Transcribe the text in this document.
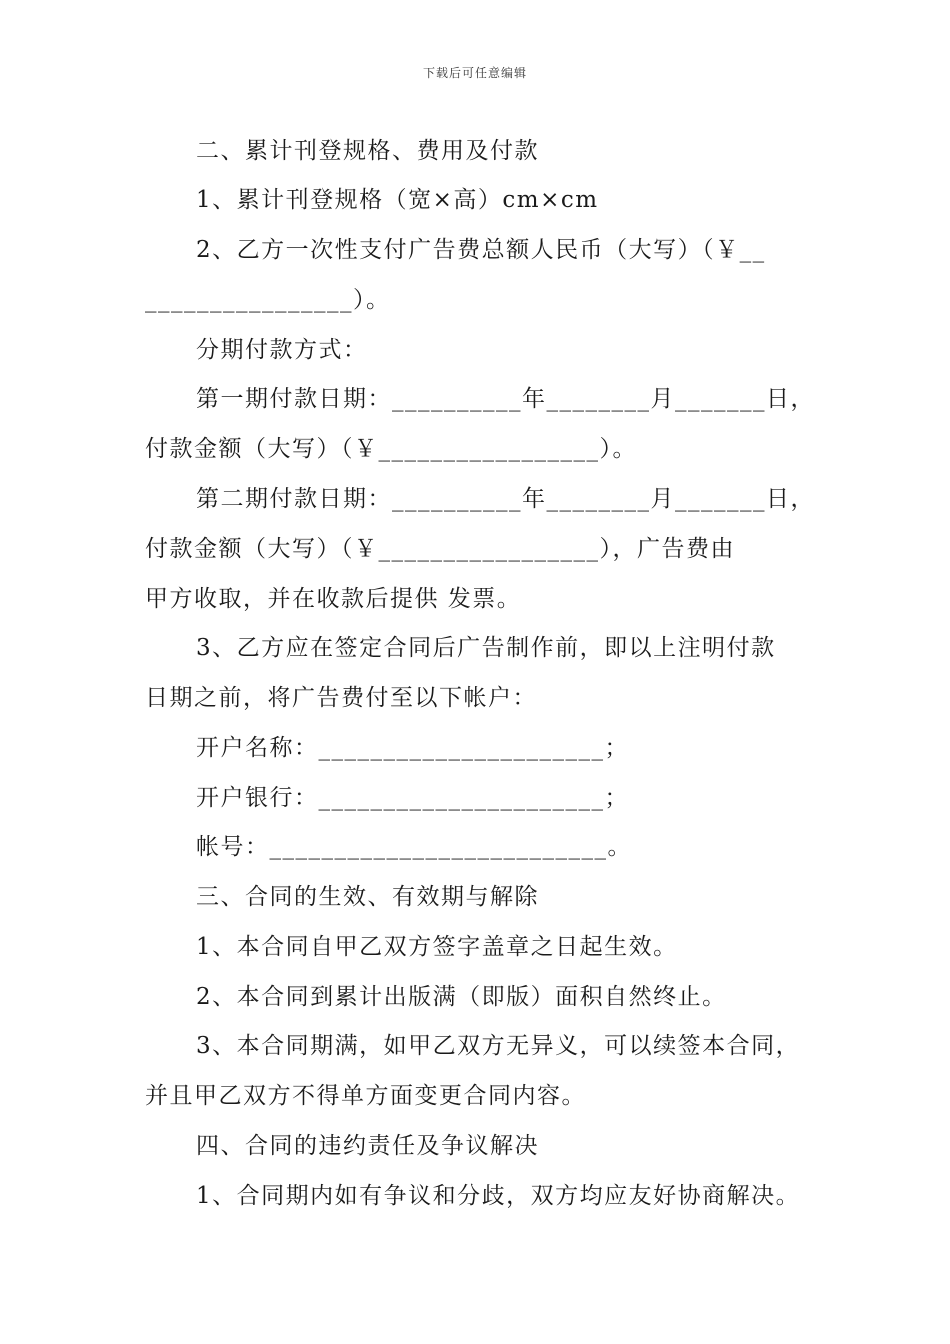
下载后可任意编辑
二、累计刊登规格、费用及付款
1、累计刊登规格（宽×高）cm×cm
2、乙方一次性支付广告费总额人民币（大写）（￥__
________________）。
分期付款方式：
第一期付款日期：__________年________月_______日，
付款金额（大写）（￥_________________）。
第二期付款日期：__________年________月_______日，
付款金额（大写）（￥_________________），广告费由
甲方收取，并在收款后提供 发票。
3、乙方应在签定合同后广告制作前，即以上注明付款
日期之前，将广告费付至以下帐户：
开户名称：______________________；
开户银行：______________________；
帐号：__________________________。
三、合同的生效、有效期与解除
1、本合同自甲乙双方签字盖章之日起生效。
2、本合同到累计出版满（即版）面积自然终止。
3、本合同期满，如甲乙双方无异义，可以续签本合同，
并且甲乙双方不得单方面变更合同内容。
四、合同的违约责任及争议解决
1、合同期内如有争议和分歧，双方均应友好协商解决。
